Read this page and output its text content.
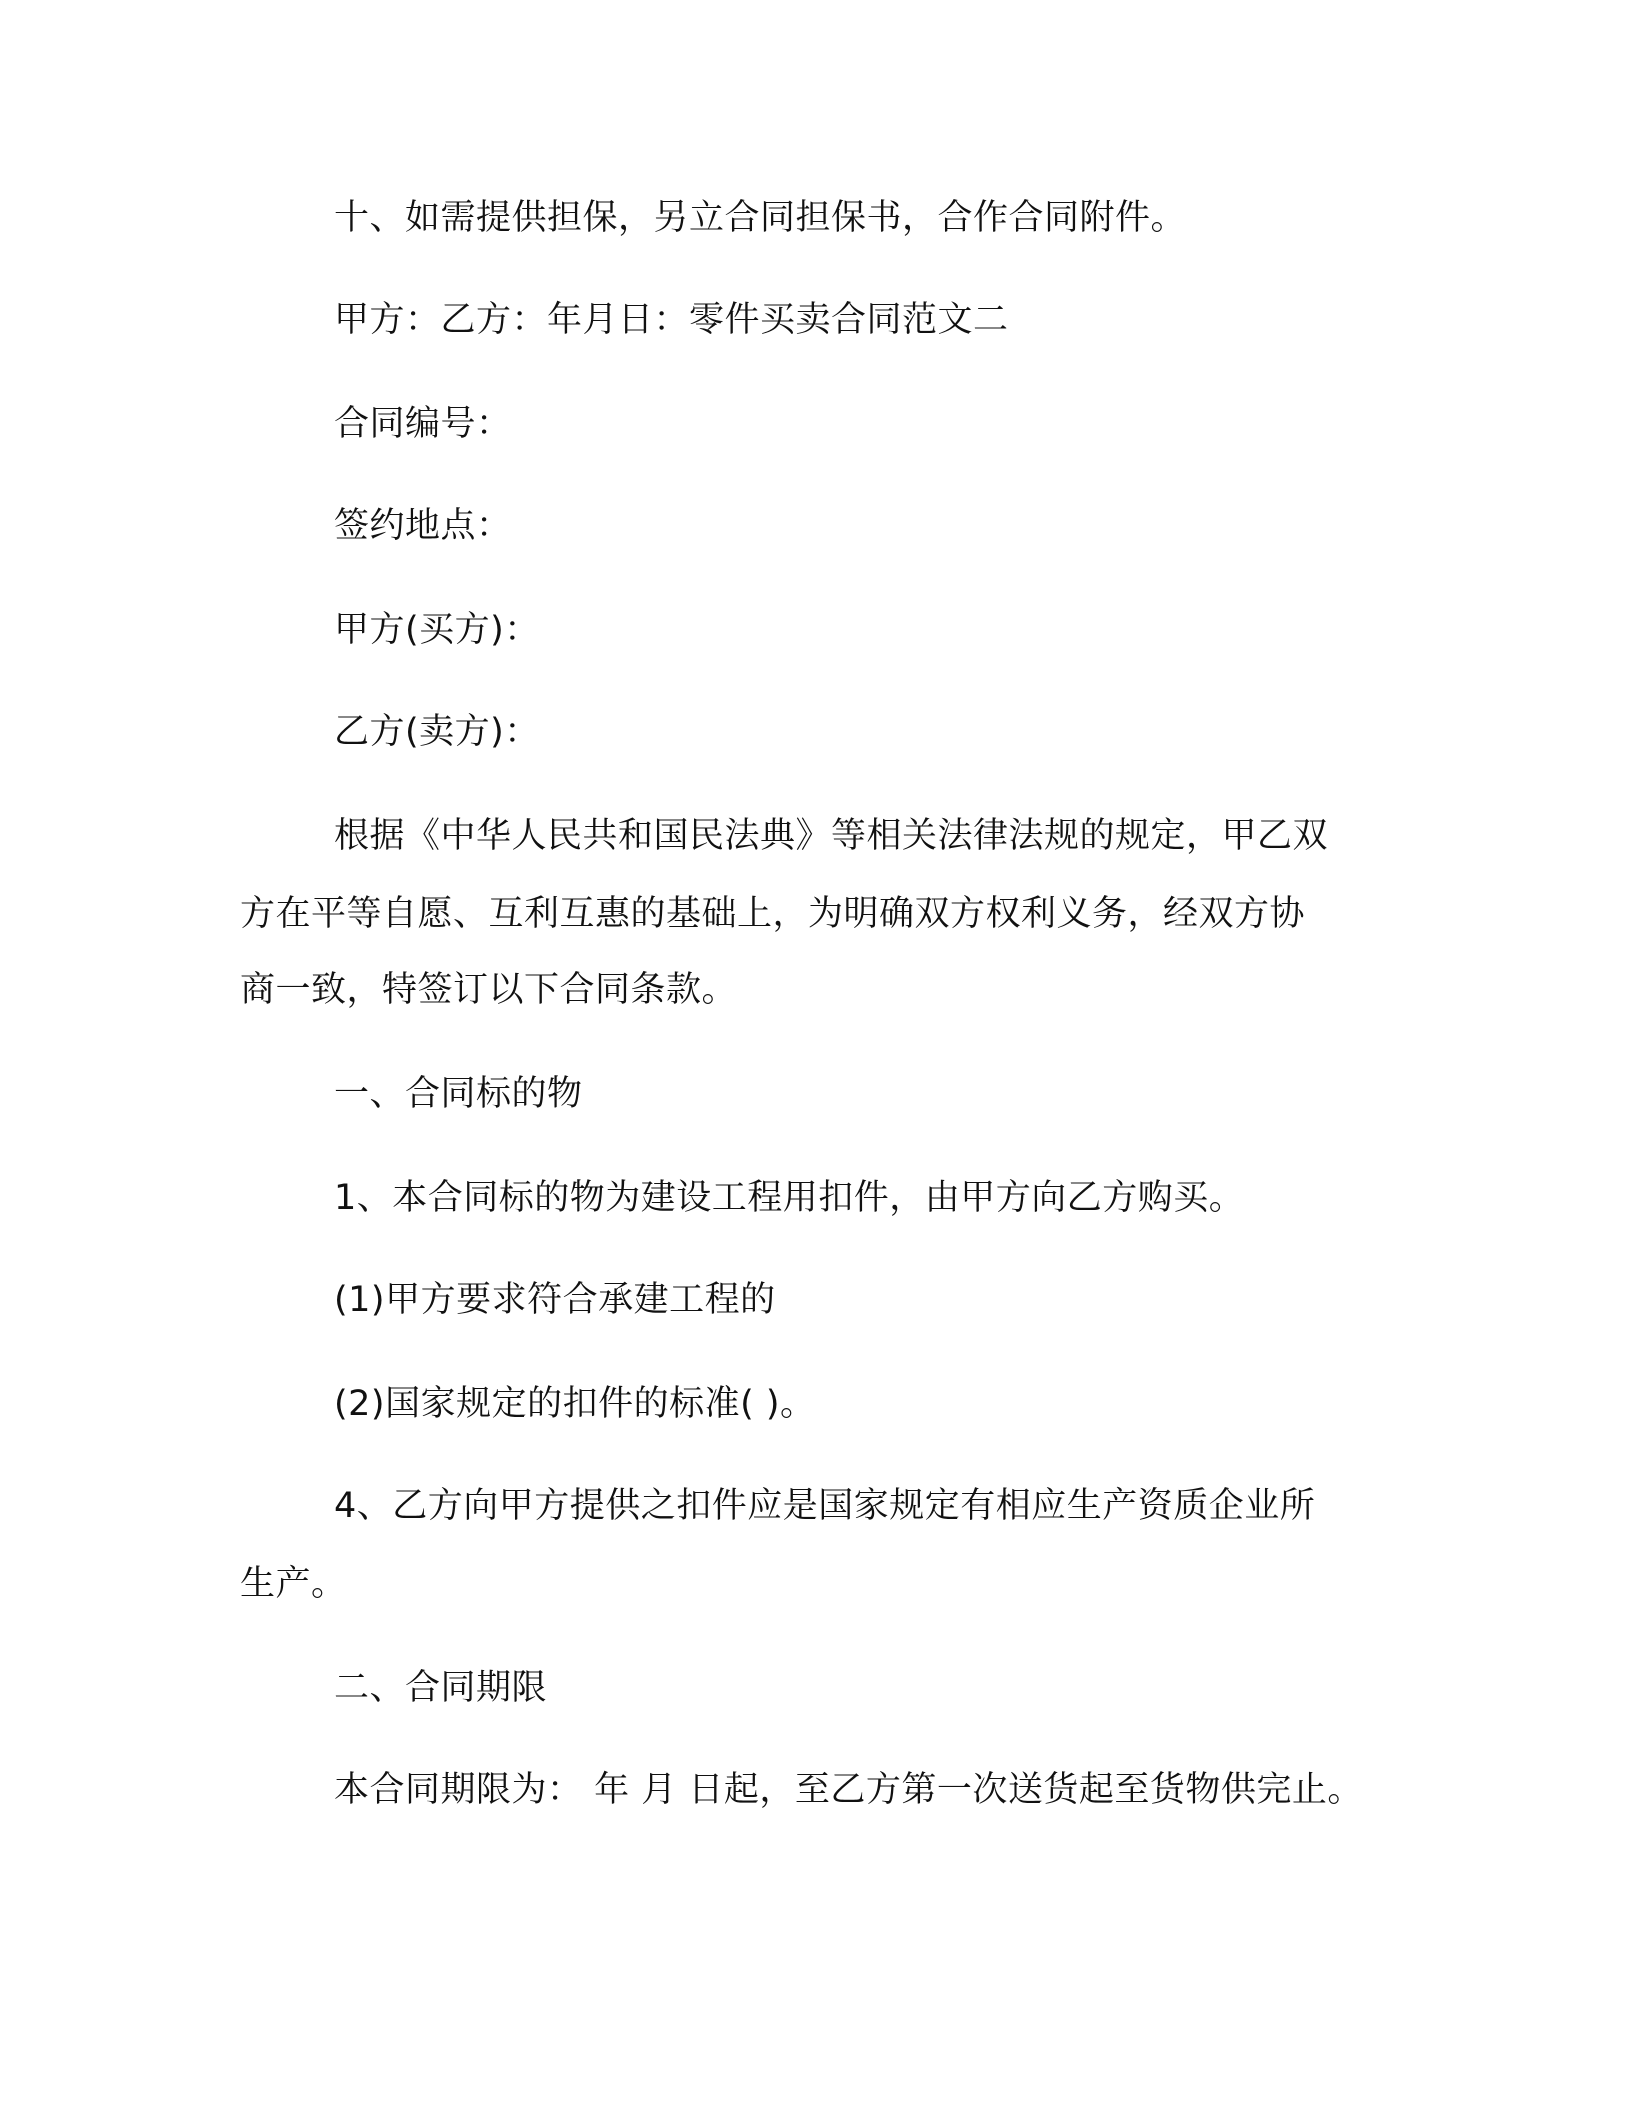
十、如需提供担保，另立合同担保书，合作合同附件。
甲方：乙方：年月日：零件买卖合同范文二
合同编号：
签约地点：
甲方(买方)：
乙方(卖方)：
根据《中华人民共和国民法典》等相关法律法规的规定，甲乙双
方在平等自愿、互利互惠的基础上，为明确双方权利义务，经双方协
商一致，特签订以下合同条款。
一、合同标的物
1、本合同标的物为建设工程用扣件，由甲方向乙方购买。
(1)甲方要求符合承建工程的
(2)国家规定的扣件的标准( )。
4、乙方向甲方提供之扣件应是国家规定有相应生产资质企业所
生产。
二、合同期限
本合同期限为： 年 月 日起，至乙方第一次送货起至货物供完止。
